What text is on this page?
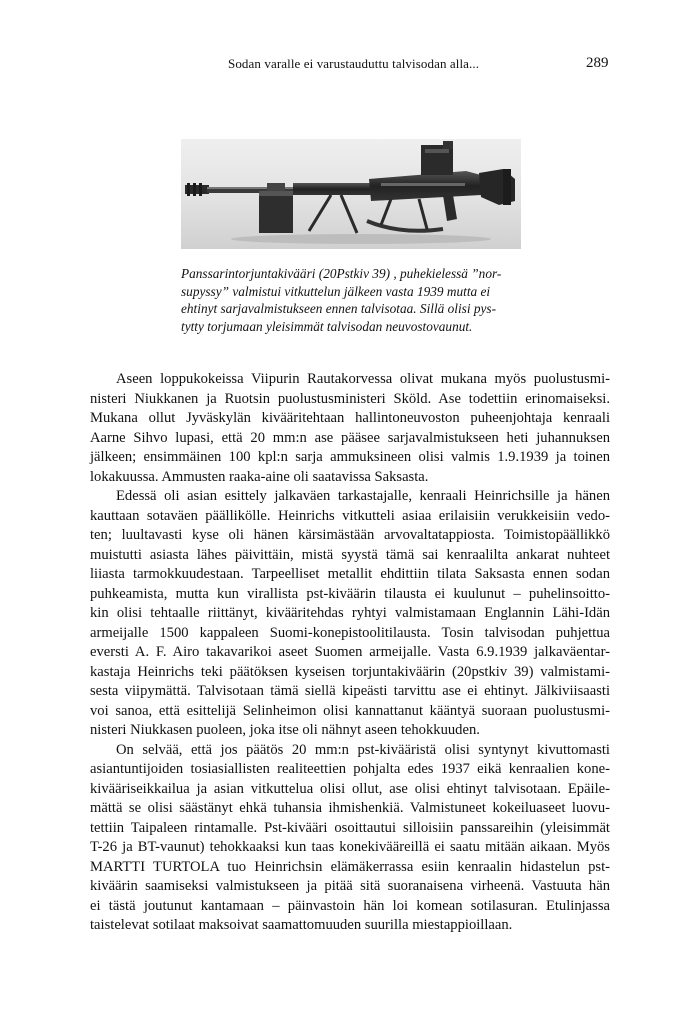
Sodan varalle ei varustauduttu talvisodan alla...	289
Panssarintorjuntakivääri (20Pstkiv 39) , puhekielessä ”nor-
supyssy” valmistui vitkuttelun jälkeen vasta 1939 mutta ei
ehtinyt sarjavalmistukseen ennen talvisotaa. Sillä olisi pys-
tytty torjumaan yleisimmät talvisodan neuvostovaunut.

Aseen loppukokeissa Viipurin Rautakorvessa olivat mukana myös puolustusmi-
nisteri Niukkanen ja Ruotsin puolustusministeri Sköld. Ase todettiin erinomaiseksi.
Mukana ollut Jyväskylän kivääritehtaan hallintoneuvoston puheenjohtaja kenraali
Aarne Sihvo lupasi, että 20 mm:n ase pääsee sarjavalmistukseen heti juhannuksen
jälkeen; ensimmäinen 100 kpl:n sarja ammuksineen olisi valmis 1.9.1939 ja toinen
lokakuussa. Ammusten raaka-aine oli saatavissa Saksasta.

Edessä oli asian esittely jalkaväen tarkastajalle, kenraali Heinrichsille ja hänen
kauttaan sotaväen päällikölle. Heinrichs vitkutteli asiaa erilaisiin verukkeisiin vedo-
ten; luultavasti kyse oli hänen kärsimästään arvovaltatappiosta. Toimistopäällikkö
muistutti asiasta lähes päivittäin, mistä syystä tämä sai kenraalilta ankarat nuhteet
liiasta tarmokkuudestaan. Tarpeelliset metallit ehdittiin tilata Saksasta ennen sodan
puhkeamista, mutta kun virallista pst-kiväärin tilausta ei kuulunut – puhelinsoitto-
kin olisi tehtaalle riittänyt, kivääritehdas ryhtyi valmistamaan Englannin Lähi-Idän
armeijalle 1500 kappaleen Suomi-konepistoolitilausta. Tosin talvisodan puhjettua
eversti A. F. Airo takavarikoi aseet Suomen armeijalle. Vasta 6.9.1939 jalkaväentar-
kastaja Heinrichs teki päätöksen kyseisen torjuntakiväärin (20pstkiv 39) valmistami-
sesta viipymättä. Talvisotaan tämä siellä kipeästi tarvittu ase ei ehtinyt. Jälkiviisaasti
voi sanoa, että esittelijä Selinheimon olisi kannattanut kääntyä suoraan puolustusmi-
nisteri Niukkasen puoleen, joka itse oli nähnyt aseen tehokkuuden.

On selvää, että jos päätös 20 mm:n pst-kivääristä olisi syntynyt kivuttomasti
asiantuntijoiden tosiasiallisten realiteettien pohjalta edes 1937 eikä kenraalien kone-
kivääriseikkailua ja asian vitkuttelua olisi ollut, ase olisi ehtinyt talvisotaan. Epäile-
mättä se olisi säästänyt ehkä tuhansia ihmishenkiä. Valmistuneet kokeiluaseet luovu-
tettiin Taipaleen rintamalle. Pst-kivääri osoittautui silloisiin panssareihin (yleisimmät
T-26 ja BT-vaunut) tehokkaaksi kun taas konekivääreillä ei saatu mitään aikaan. Myös
MARTTI TURTOLA tuo Heinrichsin elämäkerrassa esiin kenraalin hidastelun pst-
kiväärin saamiseksi valmistukseen ja pitää sitä suoranaisena virheenä. Vastuuta hän
ei tästä joutunut kantamaan – päinvastoin hän loi komean sotilasuran. Etulinjassa
taistelevat sotilaat maksoivat saamattomuuden suurilla miestappioillaan.
